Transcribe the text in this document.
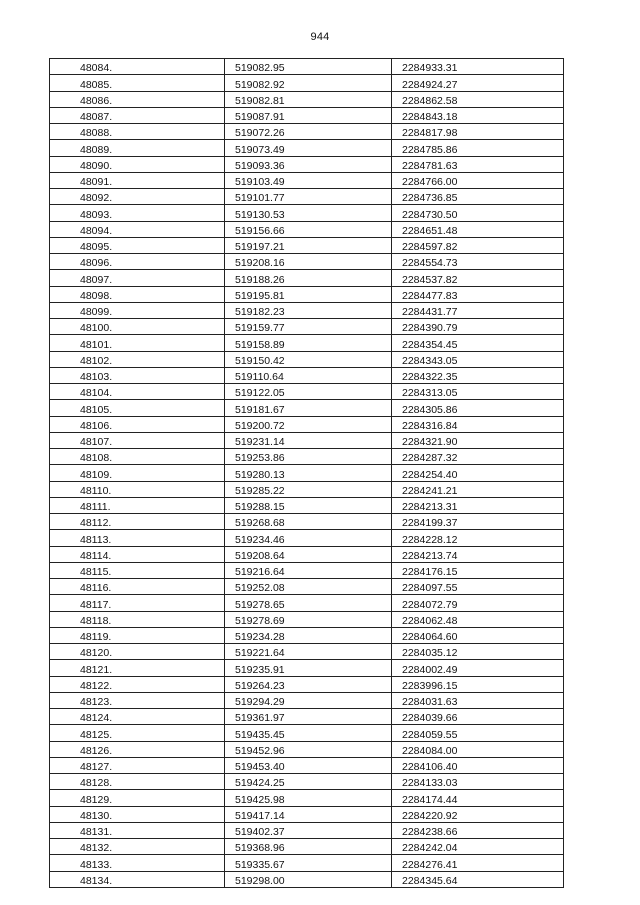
944
48084.	519082.95	2284933.31
48085.	519082.92	2284924.27
48086.	519082.81	2284862.58
48087.	519087.91	2284843.18
48088.	519072.26	2284817.98
48089.	519073.49	2284785.86
48090.	519093.36	2284781.63
48091.	519103.49	2284766.00
48092.	519101.77	2284736.85
48093.	519130.53	2284730.50
48094.	519156.66	2284651.48
48095.	519197.21	2284597.82
48096.	519208.16	2284554.73
48097.	519188.26	2284537.82
48098.	519195.81	2284477.83
48099.	519182.23	2284431.77
48100.	519159.77	2284390.79
48101.	519158.89	2284354.45
48102.	519150.42	2284343.05
48103.	519110.64	2284322.35
48104.	519122.05	2284313.05
48105.	519181.67	2284305.86
48106.	519200.72	2284316.84
48107.	519231.14	2284321.90
48108.	519253.86	2284287.32
48109.	519280.13	2284254.40
48110.	519285.22	2284241.21
48111.	519288.15	2284213.31
48112.	519268.68	2284199.37
48113.	519234.46	2284228.12
48114.	519208.64	2284213.74
48115.	519216.64	2284176.15
48116.	519252.08	2284097.55
48117.	519278.65	2284072.79
48118.	519278.69	2284062.48
48119.	519234.28	2284064.60
48120.	519221.64	2284035.12
48121.	519235.91	2284002.49
48122.	519264.23	2283996.15
48123.	519294.29	2284031.63
48124.	519361.97	2284039.66
48125.	519435.45	2284059.55
48126.	519452.96	2284084.00
48127.	519453.40	2284106.40
48128.	519424.25	2284133.03
48129.	519425.98	2284174.44
48130.	519417.14	2284220.92
48131.	519402.37	2284238.66
48132.	519368.96	2284242.04
48133.	519335.67	2284276.41
48134.	519298.00	2284345.64
